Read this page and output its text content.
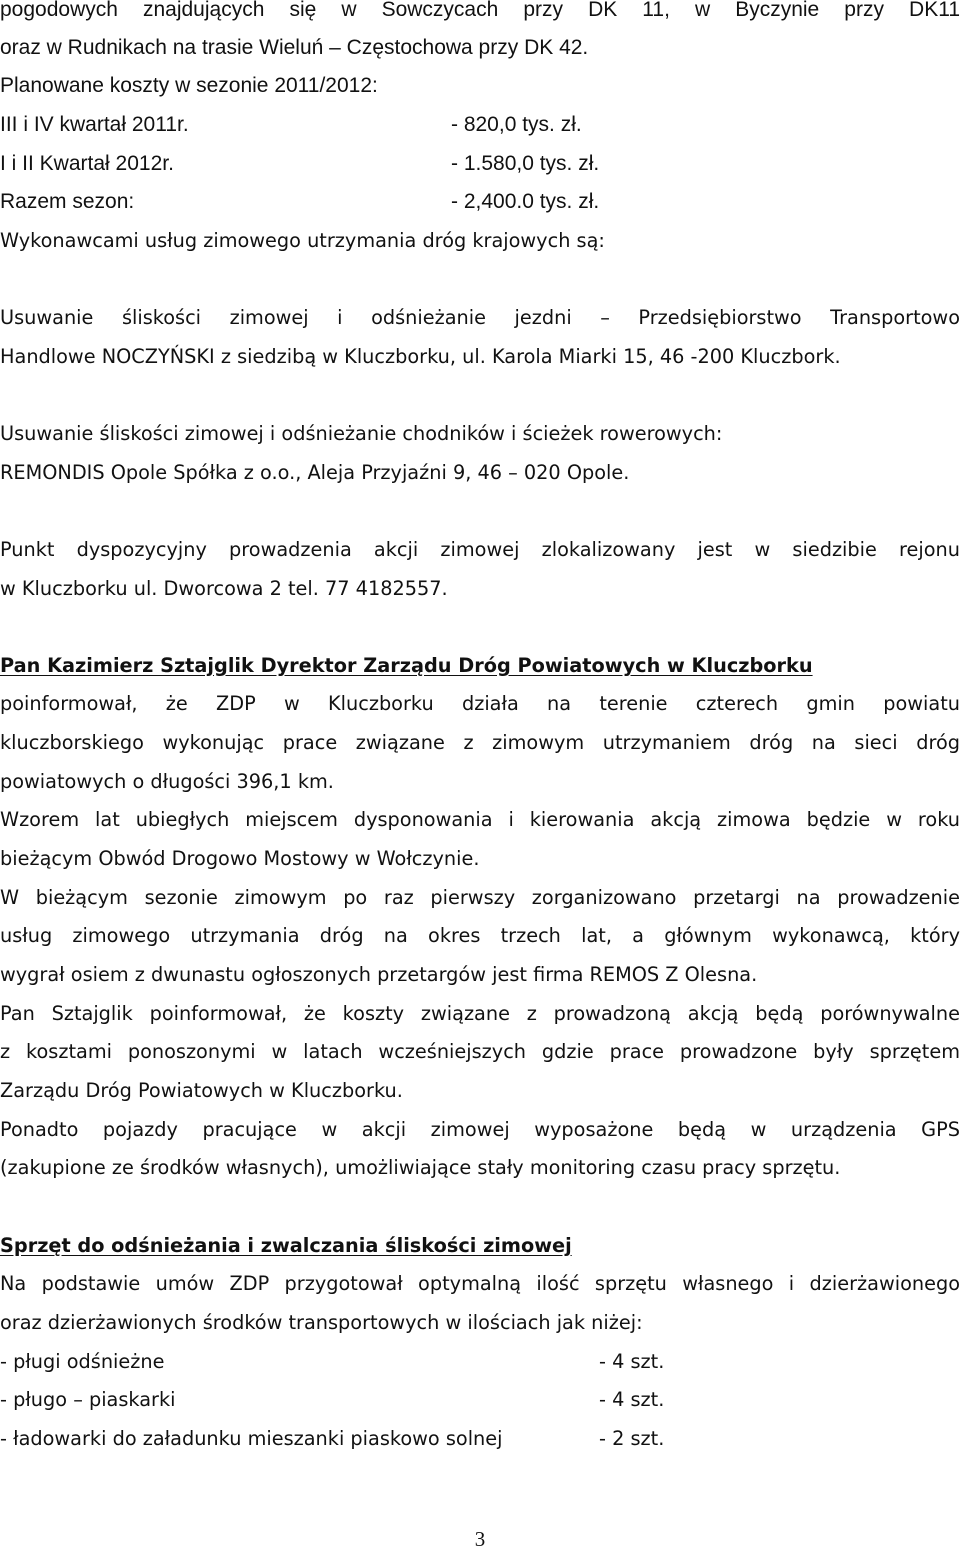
pogodowych znajdujących się w Sowczycach przy DK 11, w Byczynie przy DK11
oraz w Rudnikach na trasie Wieluń – Częstochowa przy DK 42.
Planowane koszty w sezonie 2011/2012:
III i IV kwartał 2011r.	- 820,0 tys. zł.
I i II Kwartał 2012r.	- 1.580,0 tys. zł.
Razem sezon:	- 2,400.0 tys. zł.
Wykonawcami usług zimowego utrzymania dróg krajowych są:
Usuwanie śliskości zimowej i odśnieżanie jezdni – Przedsiębiorstwo Transportowo
Handlowe NOCZYŃSKI z siedzibą w Kluczborku, ul. Karola Miarki 15, 46 -200 Kluczbork.
Usuwanie śliskości zimowej i odśnieżanie chodników i ścieżek rowerowych:
REMONDIS Opole Spółka z o.o., Aleja Przyjaźni 9, 46 – 020 Opole.
Punkt dyspozycyjny prowadzenia akcji zimowej zlokalizowany jest w siedzibie rejonu
w Kluczborku ul. Dworcowa 2 tel. 77 4182557.
Pan Kazimierz Sztajglik Dyrektor Zarządu Dróg Powiatowych w Kluczborku
poinformował, że ZDP w Kluczborku działa na terenie czterech gmin powiatu
kluczborskiego wykonując prace związane z zimowym utrzymaniem dróg na sieci dróg
powiatowych o długości 396,1 km.
Wzorem lat ubiegłych miejscem dysponowania i kierowania akcją zimowa będzie w roku
bieżącym Obwód Drogowo Mostowy w Wołczynie.
W bieżącym sezonie zimowym po raz pierwszy zorganizowano przetargi na prowadzenie
usług zimowego utrzymania dróg na okres trzech lat, a głównym wykonawcą, który
wygrał osiem z dwunastu ogłoszonych przetargów jest firma REMOS Z Olesna.
Pan Sztajglik poinformował, że koszty związane z prowadzoną akcją będą porównywalne
z kosztami ponoszonymi w latach wcześniejszych gdzie prace prowadzone były sprzętem
Zarządu Dróg Powiatowych w Kluczborku.
Ponadto pojazdy pracujące w akcji zimowej wyposażone będą w urządzenia GPS
(zakupione ze środków własnych), umożliwiające stały monitoring czasu pracy sprzętu.
Sprzęt do odśnieżania i zwalczania śliskości zimowej
Na podstawie umów ZDP przygotował optymalną ilość sprzętu własnego i dzierżawionego
oraz dzierżawionych środków transportowych w ilościach jak niżej:
- pługi odśnieżne	- 4 szt.
- pługo – piaskarki	- 4 szt.
- ładowarki do załadunku mieszanki piaskowo solnej	- 2 szt.
3
